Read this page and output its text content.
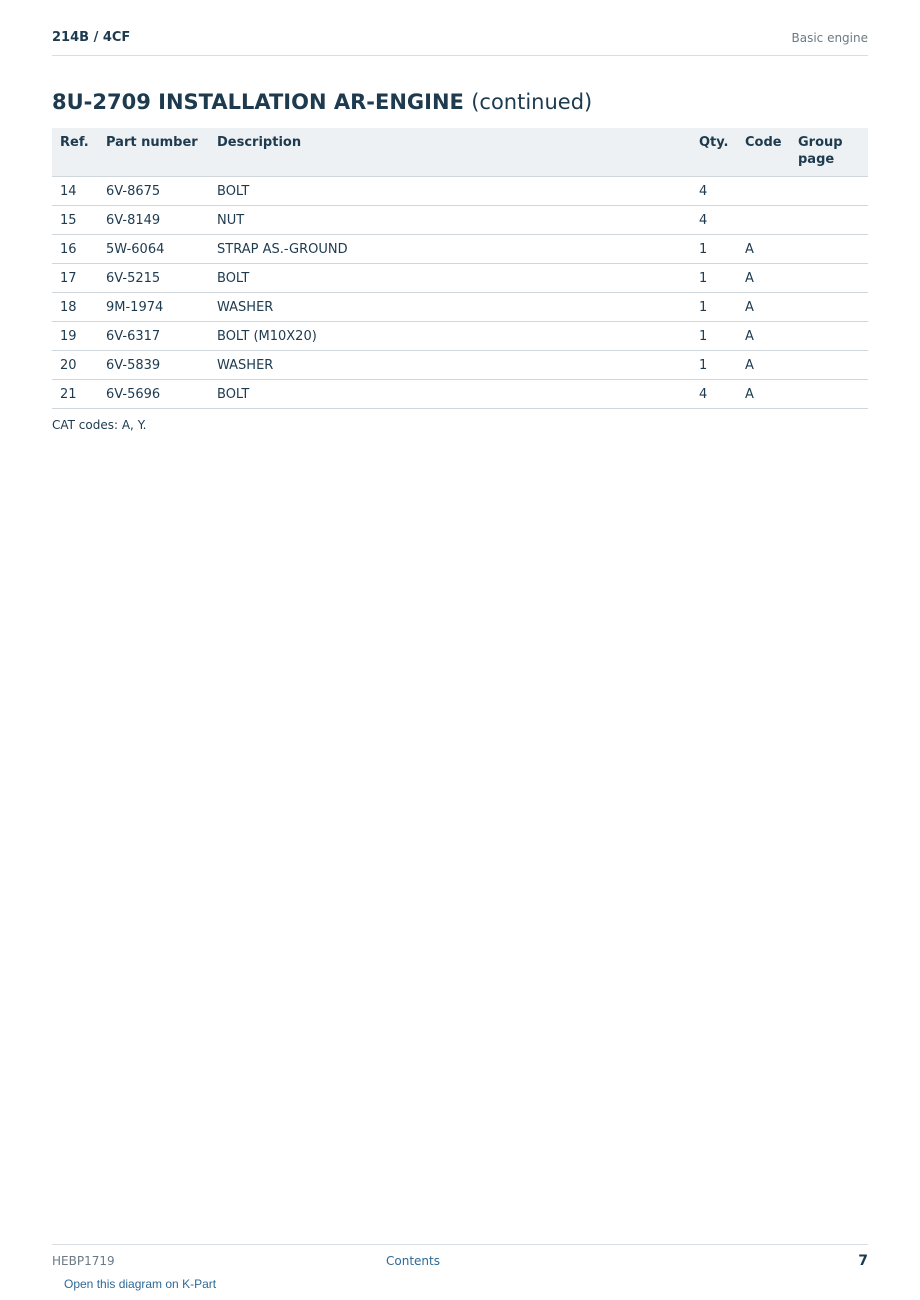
214B / 4CF	Basic engine
8U-2709 INSTALLATION AR-ENGINE (continued)
Ref.	Part number	Description	Qty.	Code	Group page
14	6V-8675	BOLT	4		
15	6V-8149	NUT	4		
16	5W-6064	STRAP AS.-GROUND	1	A	
17	6V-5215	BOLT	1	A	
18	9M-1974	WASHER	1	A	
19	6V-6317	BOLT (M10X20)	1	A	
20	6V-5839	WASHER	1	A	
21	6V-5696	BOLT	4	A	
CAT codes: A, Y.
HEBP1719	Contents	7
Open this diagram on K-Part
